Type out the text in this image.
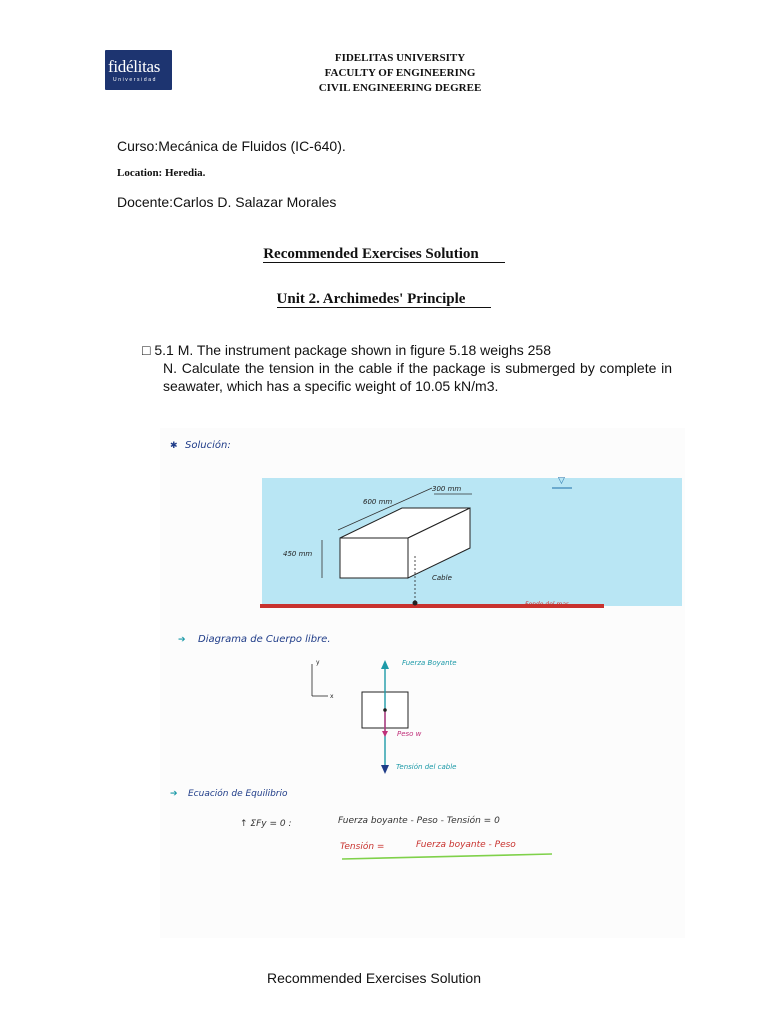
fidélitas
Universidad
FIDELITAS UNIVERSITY
FACULTY OF ENGINEERING
CIVIL ENGINEERING DEGREE
Curso:Mecánica de Fluidos (IC-640).
Location: Heredia.
Docente:Carlos D. Salazar Morales
Recommended Exercises Solution
Unit 2. Archimedes' Principle
□ 5.1 M. The instrument package shown in figure 5.18 weighs 258
N. Calculate the tension in the cable if the package is submerged by complete in seawater, which has a specific weight of 10.05 kN/m3.
✱ Solución:
▽
Fondo del mar
600 mm
300 mm
450 mm
Cable
➔ Diagrama de Cuerpo libre.
y
x
Fuerza Boyante
Peso w
Tensión del cable
➔ Ecuación de Equilibrio
↑ ΣFy = 0 :	Fuerza boyante - Peso - Tensión = 0
Tensión =	Fuerza boyante - Peso
Recommended Exercises Solution
